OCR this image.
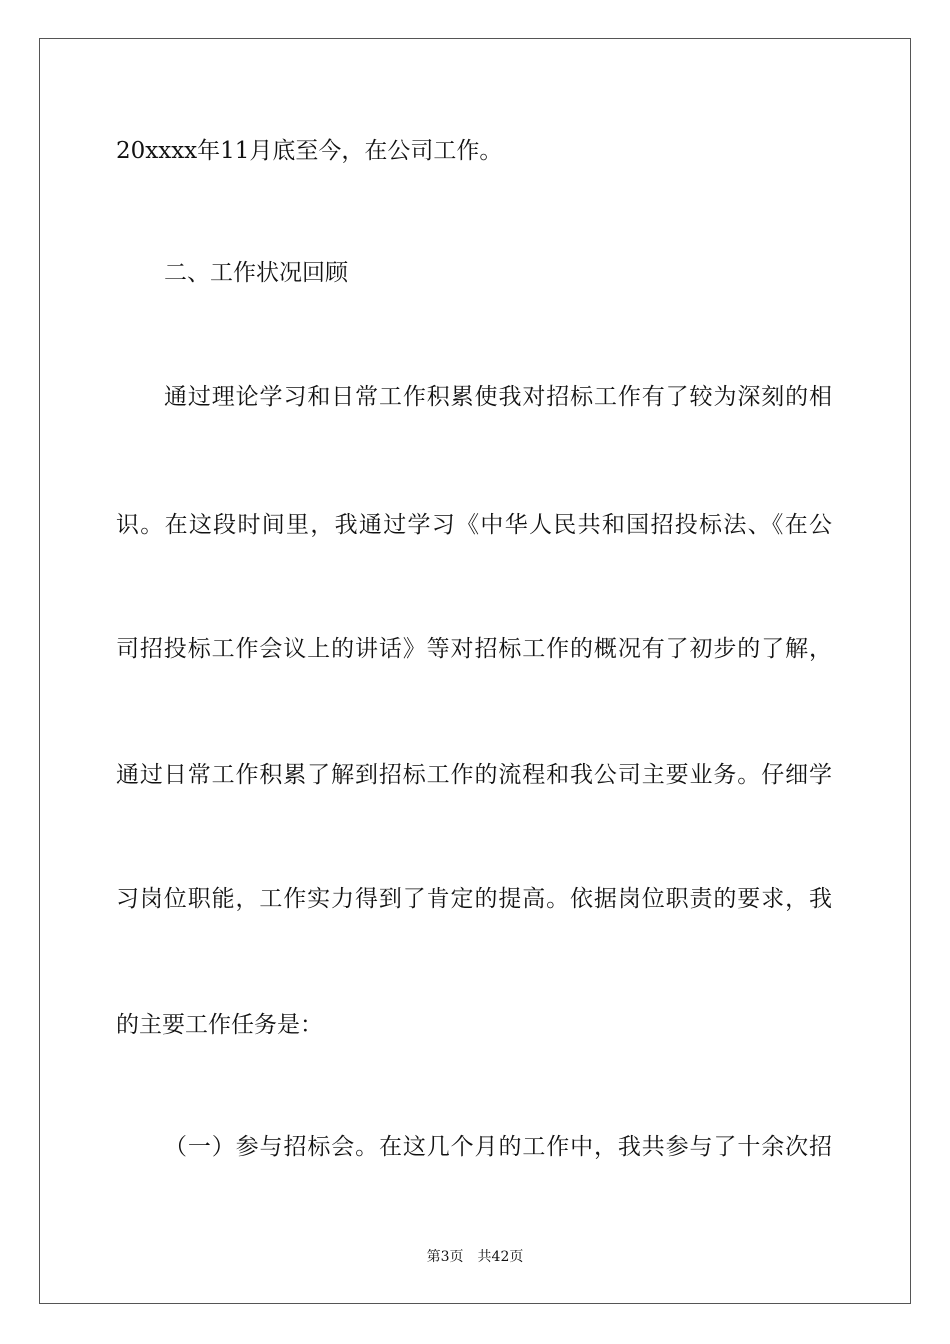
20xxxx年11月底至今，在公司工作。
二、工作状况回顾
通过理论学习和日常工作积累使我对招标工作有了较为深刻的相
识。在这段时间里，我通过学习《中华人民共和国招投标法、《在公
司招投标工作会议上的讲话》等对招标工作的概况有了初步的了解，
通过日常工作积累了解到招标工作的流程和我公司主要业务。仔细学
习岗位职能，工作实力得到了肯定的提高。依据岗位职责的要求，我
的主要工作任务是：
（一）参与招标会。在这几个月的工作中，我共参与了十余次招
第3页　共42页
